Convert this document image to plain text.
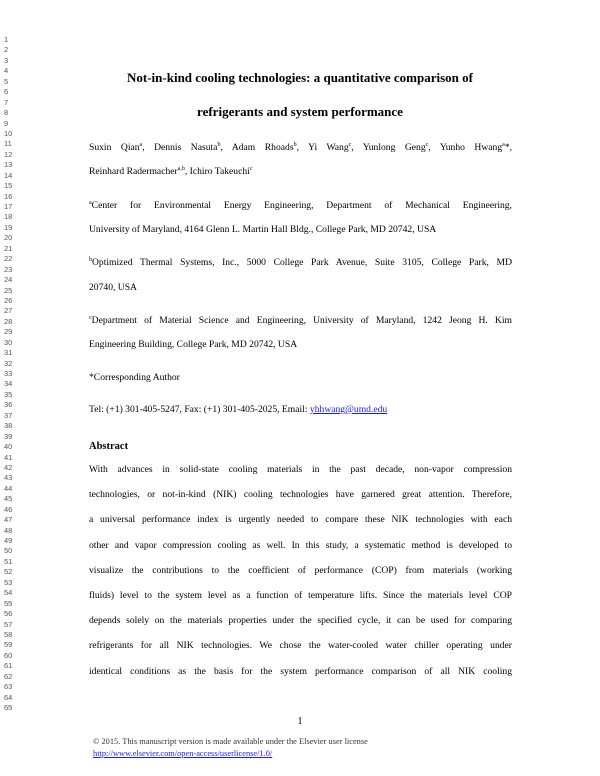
1
2
3
4
5
6
7
8
9
10
11
12
13
14
15
16
17
18
19
20
21
22
23
24
25
26
27
28
29
30
31
32
33
34
35
36
37
38
39
40
41
42
43
44
45
46
47
48
49
50
51
52
53
54
55
56
57
58
59
60
61
62
63
64
65
Not-in-kind cooling technologies: a quantitative comparison of
refrigerants and system performance
Suxin Qian$^a$, Dennis Nasuta$^b$, Adam Rhoads$^b$, Yi Wang$^c$, Yunlong Geng$^c$, Yunho Hwang$^a$*,
Reinhard Radermacher$^{a,b}$, Ichiro Takeuchi$^c$
$^a$Center for Environmental Energy Engineering, Department of Mechanical Engineering,
University of Maryland, 4164 Glenn L. Martin Hall Bldg., College Park, MD 20742, USA
$^b$Optimized Thermal Systems, Inc., 5000 College Park Avenue, Suite 3105, College Park, MD
20740, USA
$^c$Department of Material Science and Engineering, University of Maryland, 1242 Jeong H. Kim
Engineering Building, College Park, MD 20742, USA
*Corresponding Author
Tel: (+1) 301-405-5247, Fax: (+1) 301-405-2025, Email: yhhwang@umd.edu
Abstract
With advances in solid-state cooling materials in the past decade, non-vapor compression
technologies, or not-in-kind (NIK) cooling technologies have garnered great attention. Therefore,
a universal performance index is urgently needed to compare these NIK technologies with each
other and vapor compression cooling as well. In this study, a systematic method is developed to
visualize the contributions to the coefficient of performance (COP) from materials (working
fluids) level to the system level as a function of temperature lifts. Since the materials level COP
depends solely on the materials properties under the specified cycle, it can be used for comparing
refrigerants for all NIK technologies. We chose the water-cooled water chiller operating under
identical conditions as the basis for the system performance comparison of all NIK cooling
1
© 2015. This manuscript version is made available under the Elsevier user license
http://www.elsevier.com/open-access/userlicense/1.0/
